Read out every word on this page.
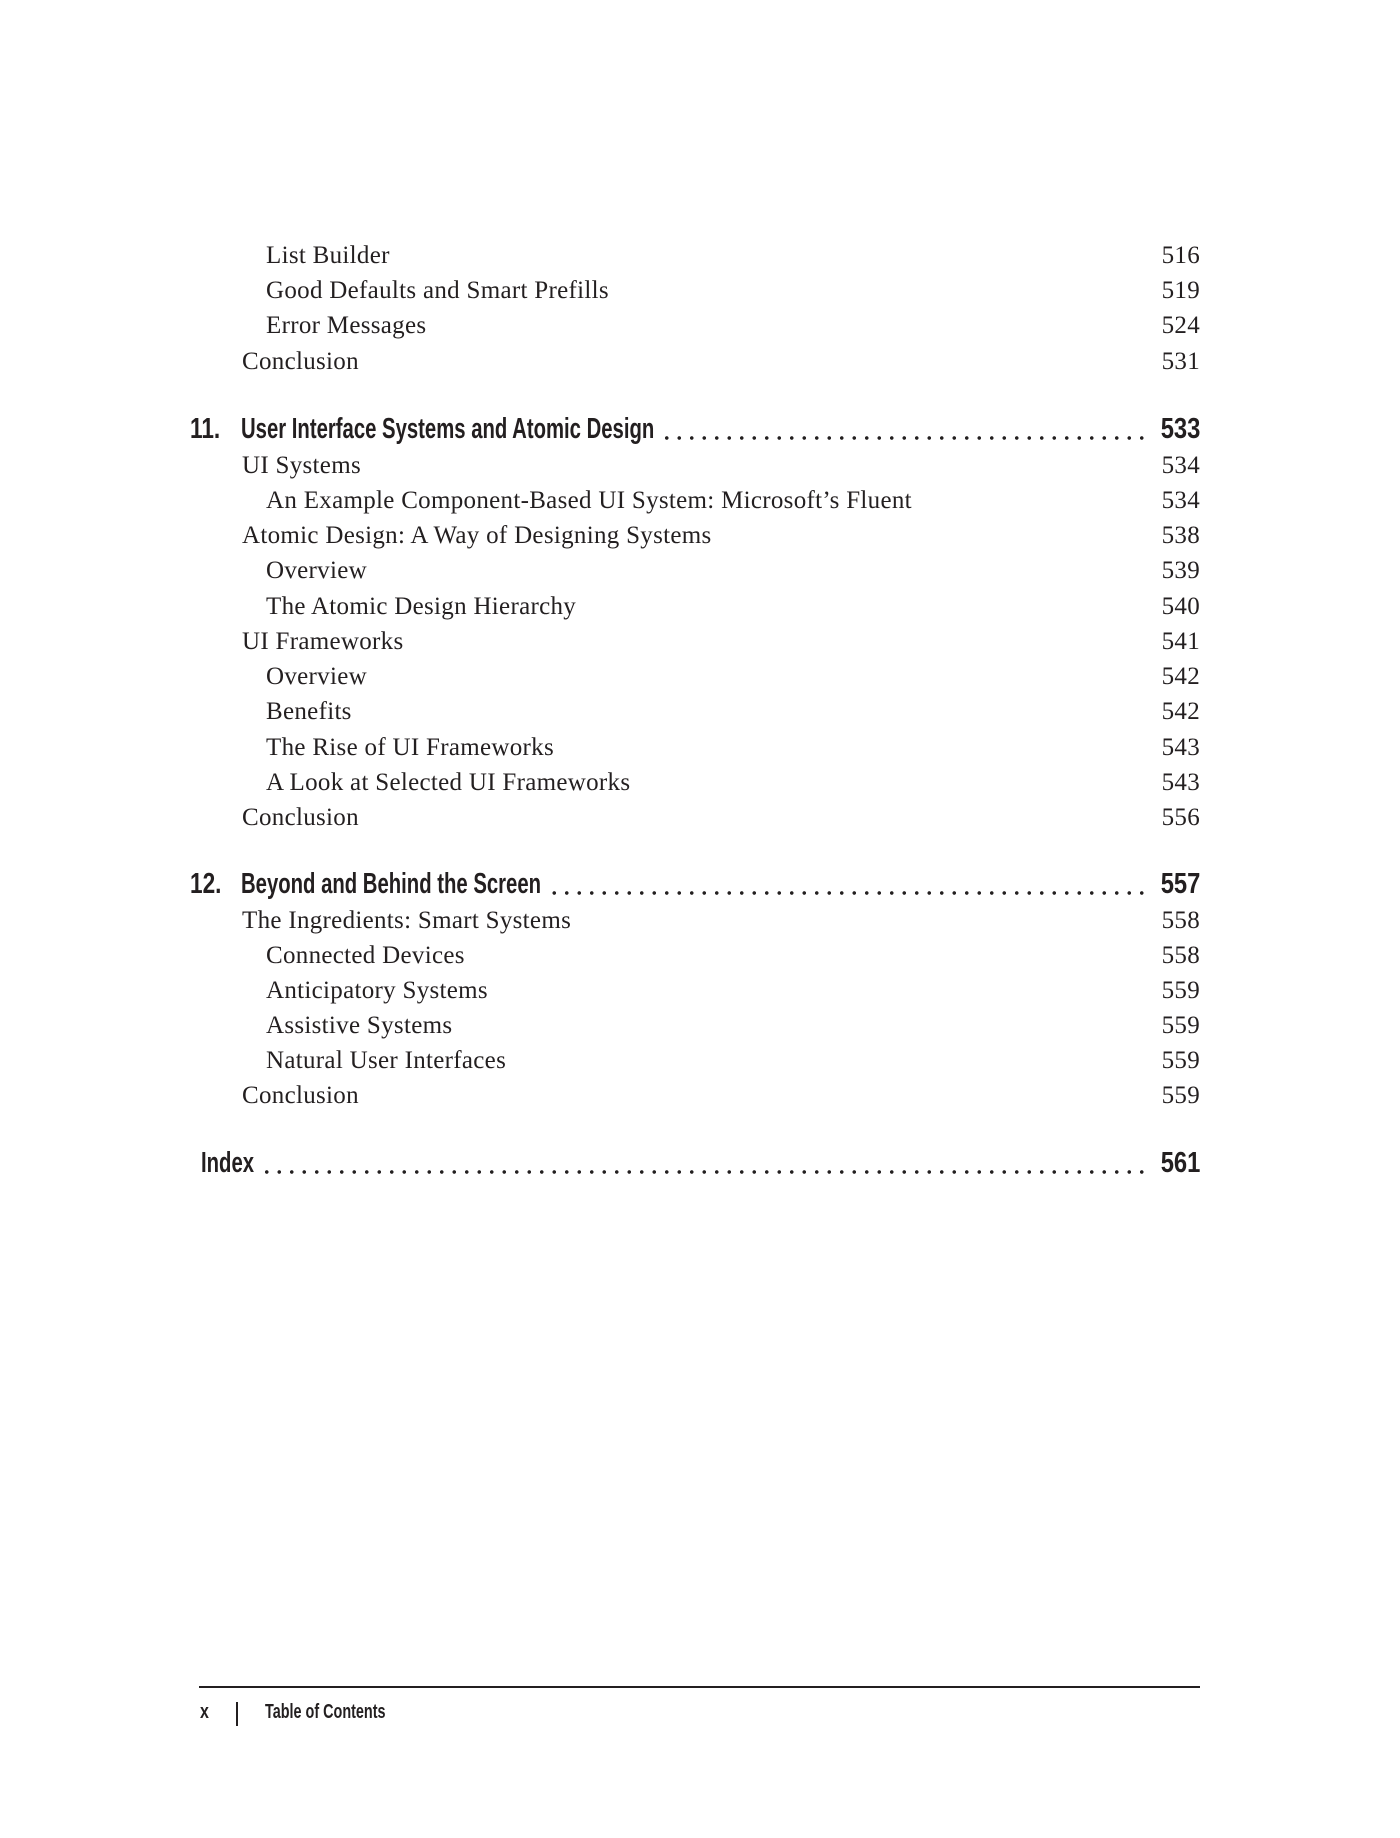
List Builder	516
Good Defaults and Smart Prefills	519
Error Messages	524
Conclusion	531
11. User Interface Systems and Atomic Design	533
UI Systems	534
An Example Component-Based UI System: Microsoft’s Fluent	534
Atomic Design: A Way of Designing Systems	538
Overview	539
The Atomic Design Hierarchy	540
UI Frameworks	541
Overview	542
Benefits	542
The Rise of UI Frameworks	543
A Look at Selected UI Frameworks	543
Conclusion	556
12. Beyond and Behind the Screen	557
The Ingredients: Smart Systems	558
Connected Devices	558
Anticipatory Systems	559
Assistive Systems	559
Natural User Interfaces	559
Conclusion	559
Index	561
x	Table of Contents
